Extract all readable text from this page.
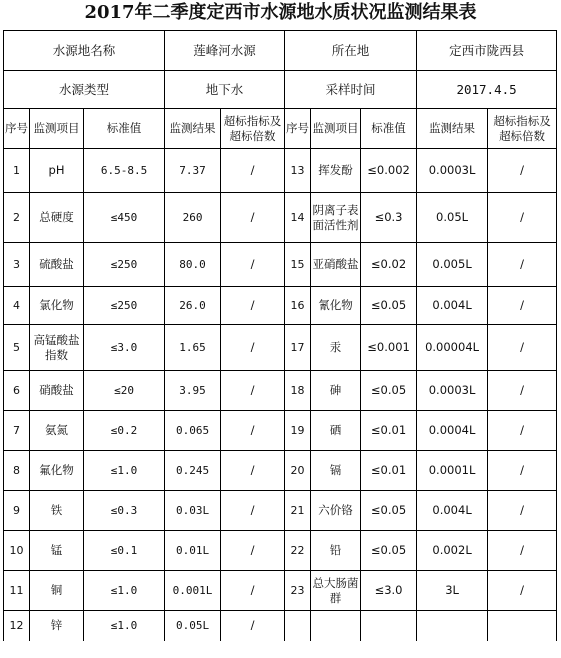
2017年二季度定西市水源地水质状况监测结果表
水源地名称			莲峰河水源		所在地			定西市陇西县	
水源类型			地下水		采样时间			2017.4.5	
序号	监测项目	标准值	监测结果	超标指标及超标倍数	序号	监测项目	标准值	监测结果	超标指标及超标倍数
1	pH	6.5-8.5	7.37	/	13	挥发酚	≤0.002	0.0003L	/
2	总硬度	≤450	260	/	14	阴离子表面活性剂	≤0.3	0.05L	/
3	硫酸盐	≤250	80.0	/	15	亚硝酸盐	≤0.02	0.005L	/
4	氯化物	≤250	26.0	/	16	氰化物	≤0.05	0.004L	/
5	高锰酸盐指数	≤3.0	1.65	/	17	汞	≤0.001	0.00004L	/
6	硝酸盐	≤20	3.95	/	18	砷	≤0.05	0.0003L	/
7	氨氮	≤0.2	0.065	/	19	硒	≤0.01	0.0004L	/
8	氟化物	≤1.0	0.245	/	20	镉	≤0.01	0.0001L	/
9	铁	≤0.3	0.03L	/	21	六价铬	≤0.05	0.004L	/
10	锰	≤0.1	0.01L	/	22	铅	≤0.05	0.002L	/
11	铜	≤1.0	0.001L	/	23	总大肠菌群	≤3.0	3L	/
12	锌	≤1.0	0.05L	/					
